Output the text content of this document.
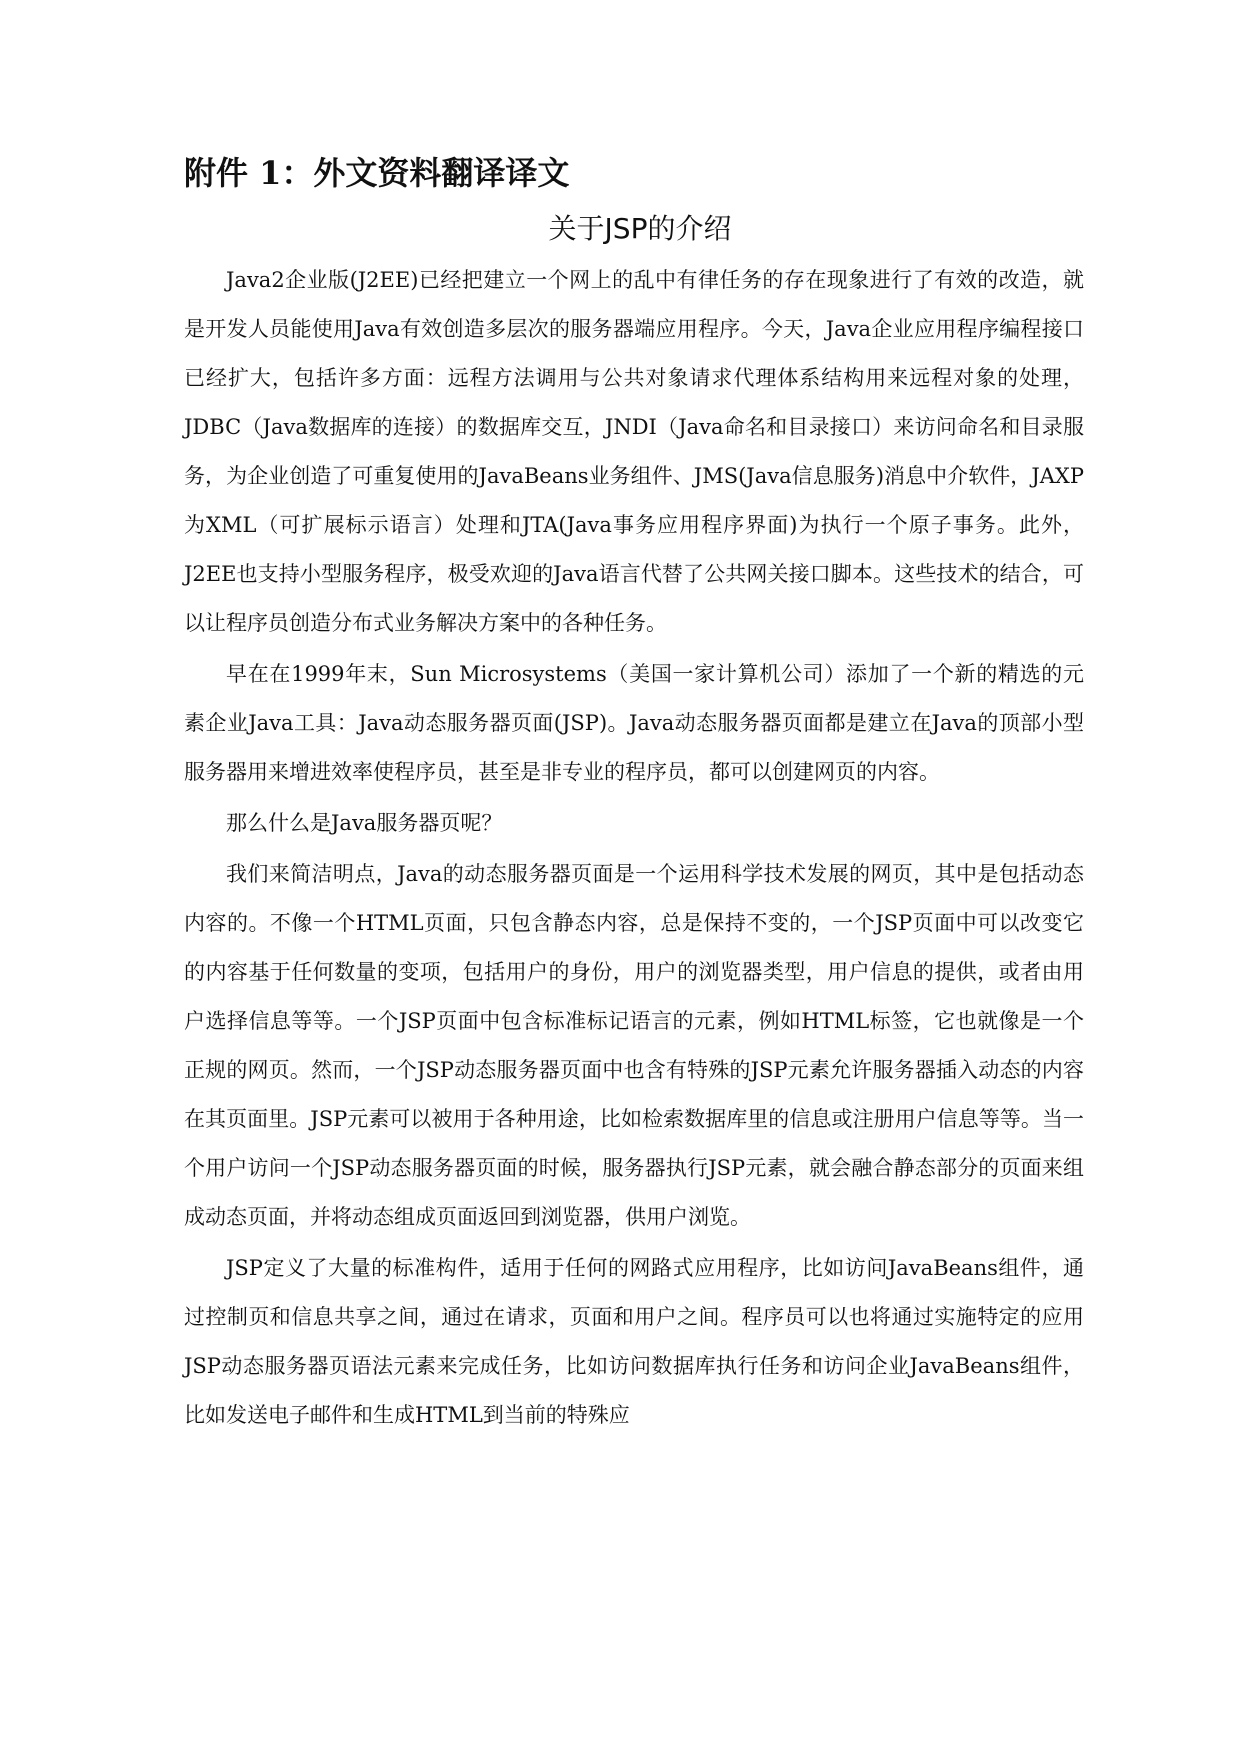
附件 1：外文资料翻译译文
关于JSP的介绍

Java2企业版(J2EE)已经把建立一个网上的乱中有律任务的存在现象进行了有效的改造，就是开发人员能使用Java有效创造多层次的服务器端应用程序。今天，Java企业应用程序编程接口已经扩大，包括许多方面：远程方法调用与公共对象请求代理体系结构用来远程对象的处理，JDBC（Java数据库的连接）的数据库交互，JNDI（Java命名和目录接口）来访问命名和目录服务，为企业创造了可重复使用的JavaBeans业务组件、JMS(Java信息服务)消息中介软件，JAXP为XML（可扩展标示语言）处理和JTA(Java事务应用程序界面)为执行一个原子事务。此外，J2EE也支持小型服务程序，极受欢迎的Java语言代替了公共网关接口脚本。这些技术的结合，可以让程序员创造分布式业务解决方案中的各种任务。

早在在1999年末，Sun Microsystems（美国一家计算机公司）添加了一个新的精选的元素企业Java工具：Java动态服务器页面(JSP)。Java动态服务器页面都是建立在Java的顶部小型服务器用来增进效率使程序员，甚至是非专业的程序员，都可以创建网页的内容。

那么什么是Java服务器页呢？

我们来简洁明点，Java的动态服务器页面是一个运用科学技术发展的网页，其中是包括动态内容的。不像一个HTML页面，只包含静态内容，总是保持不变的，一个JSP页面中可以改变它的内容基于任何数量的变项，包括用户的身份，用户的浏览器类型，用户信息的提供，或者由用户选择信息等等。一个JSP页面中包含标准标记语言的元素，例如HTML标签，它也就像是一个正规的网页。然而，一个JSP动态服务器页面中也含有特殊的JSP元素允许服务器插入动态的内容在其页面里。JSP元素可以被用于各种用途，比如检索数据库里的信息或注册用户信息等等。当一个用户访问一个JSP动态服务器页面的时候，服务器执行JSP元素，就会融合静态部分的页面来组成动态页面，并将动态组成页面返回到浏览器，供用户浏览。

JSP定义了大量的标准构件，适用于任何的网路式应用程序，比如访问JavaBeans组件，通过控制页和信息共享之间，通过在请求，页面和用户之间。程序员可以也将通过实施特定的应用JSP动态服务器页语法元素来完成任务，比如访问数据库执行任务和访问企业JavaBeans组件，比如发送电子邮件和生成HTML到当前的特殊应
